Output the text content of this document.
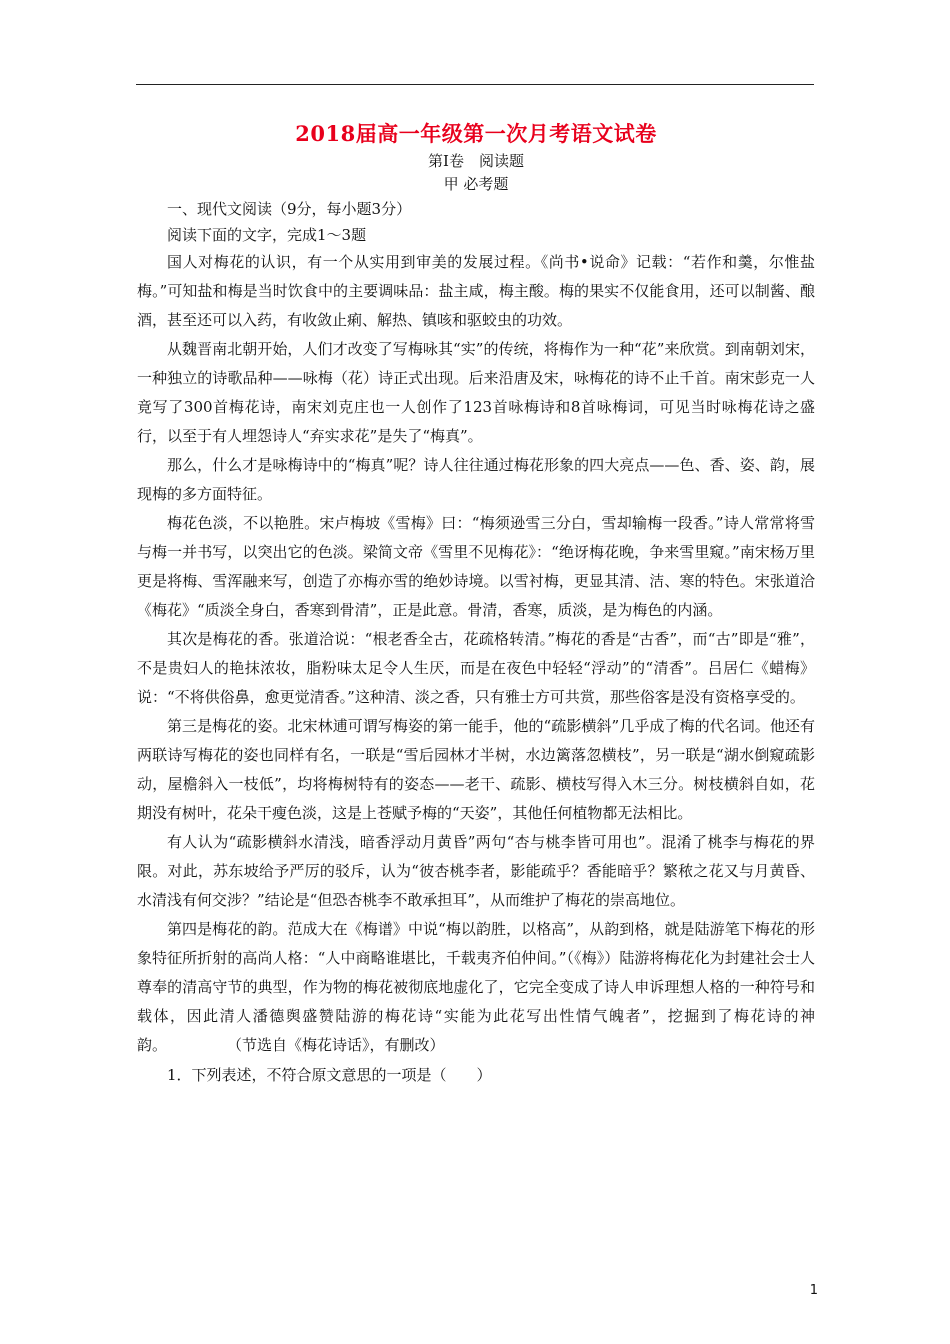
2018届高一年级第一次月考语文试卷

第Ⅰ卷　阅读题

甲 必考题

一、现代文阅读（9分，每小题3分）

阅读下面的文字，完成1～3题

国人对梅花的认识，有一个从实用到审美的发展过程。《尚书•说命》记载：“若作和羹，尔惟盐梅。”可知盐和梅是当时饮食中的主要调味品：盐主咸，梅主酸。梅的果实不仅能食用，还可以制酱、酿酒，甚至还可以入药，有收敛止痢、解热、镇咳和驱蛟虫的功效。

从魏晋南北朝开始，人们才改变了写梅咏其“实”的传统，将梅作为一种“花”来欣赏。到南朝刘宋，一种独立的诗歌品种——咏梅（花）诗正式出现。后来沿唐及宋，咏梅花的诗不止千首。南宋彭克一人竟写了300首梅花诗，南宋刘克庄也一人创作了123首咏梅诗和8首咏梅词，可见当时咏梅花诗之盛行，以至于有人埋怨诗人“弃实求花”是失了“梅真”。

那么，什么才是咏梅诗中的“梅真”呢？诗人往往通过梅花形象的四大亮点——色、香、姿、韵，展现梅的多方面特征。

梅花色淡，不以艳胜。宋卢梅坡《雪梅》曰：“梅须逊雪三分白，雪却输梅一段香。”诗人常常将雪与梅一并书写，以突出它的色淡。梁简文帝《雪里不见梅花》：“绝讶梅花晚，争来雪里窥。”南宋杨万里更是将梅、雪浑融来写，创造了亦梅亦雪的绝妙诗境。以雪衬梅，更显其清、洁、寒的特色。宋张道洽《梅花》“质淡全身白，香寒到骨清”，正是此意。骨清，香寒，质淡，是为梅色的内涵。

其次是梅花的香。张道洽说：“根老香全古，花疏格转清。”梅花的香是“古香”，而“古”即是“雅”，不是贵妇人的艳抹浓妆，脂粉味太足令人生厌，而是在夜色中轻轻“浮动”的“清香”。吕居仁《蜡梅》说：“不将供俗鼻，愈更觉清香。”这种清、淡之香，只有雅士方可共赏，那些俗客是没有资格享受的。

第三是梅花的姿。北宋林逋可谓写梅姿的第一能手，他的“疏影横斜”几乎成了梅的代名词。他还有两联诗写梅花的姿也同样有名，一联是“雪后园林才半树，水边篱落忽横枝”，另一联是“湖水倒窥疏影动，屋檐斜入一枝低”，均将梅树特有的姿态——老干、疏影、横枝写得入木三分。树枝横斜自如，花期没有树叶，花朵干瘦色淡，这是上苍赋予梅的“天姿”，其他任何植物都无法相比。

有人认为“疏影横斜水清浅，暗香浮动月黄昏”两句“杏与桃李皆可用也”。混淆了桃李与梅花的界限。对此，苏东坡给予严厉的驳斥，认为“彼杏桃李者，影能疏乎？香能暗乎？繁秾之花又与月黄昏、水清浅有何交涉？”结论是“但恐杏桃李不敢承担耳”，从而维护了梅花的崇高地位。

第四是梅花的韵。范成大在《梅谱》中说“梅以韵胜，以格高”，从韵到格，就是陆游笔下梅花的形象特征所折射的高尚人格：“人中商略谁堪比，千载夷齐伯仲间。”（《梅》）陆游将梅花化为封建社会士人尊奉的清高守节的典型，作为物的梅花被彻底地虚化了，它完全变成了诗人申诉理想人格的一种符号和载体，因此清人潘德舆盛赞陆游的梅花诗“实能为此花写出性情气魄者”，挖掘到了梅花诗的神韵。    	（节选自《梅花诗话》，有删改）

1．下列表述，不符合原文意思的一项是（　　）

1
